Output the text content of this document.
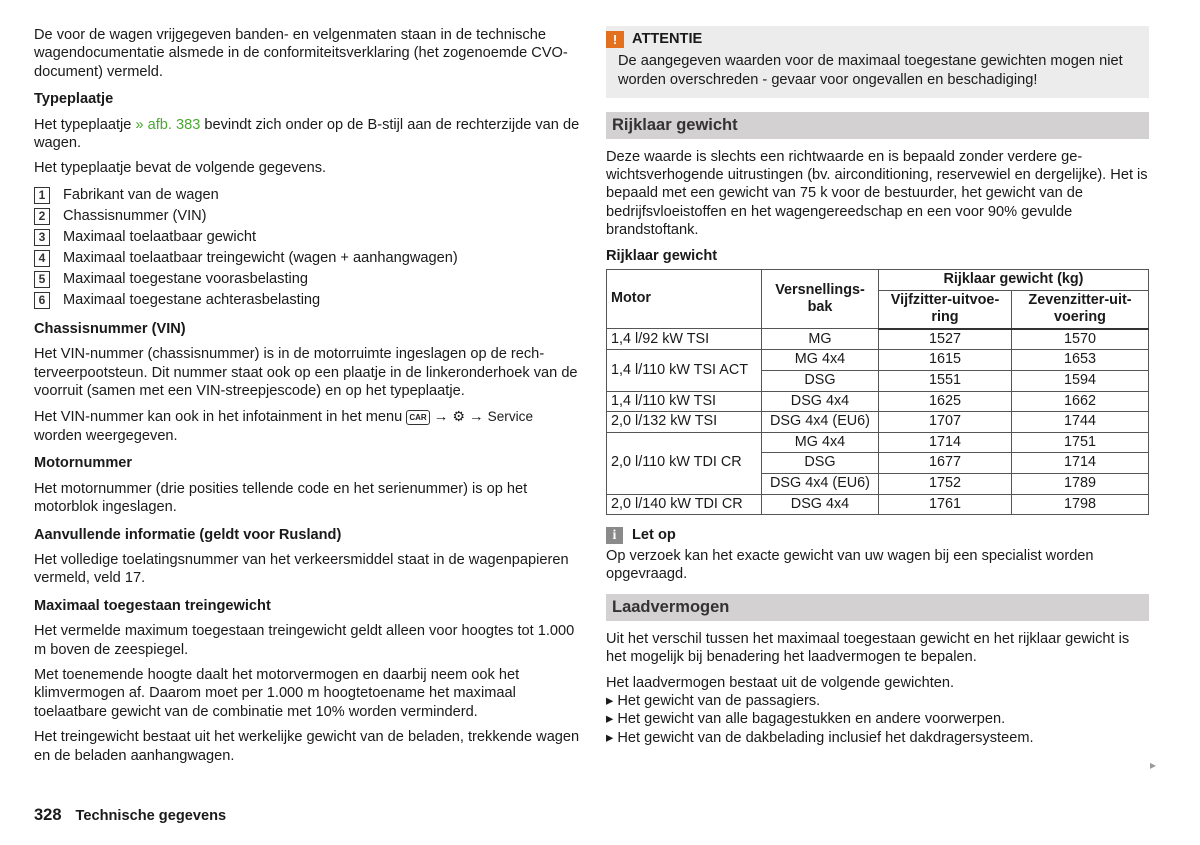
De voor de wagen vrijgegeven banden- en velgenmaten staan in de technische wagendocumentatie alsmede in de conformiteitsverklaring (het zogenoemde CVO-document) vermeld.

Typeplaatje

Het typeplaatje » afb. 383 bevindt zich onder op de B-stijl aan de rechterzijde van de wagen.

Het typeplaatje bevat de volgende gegevens.

1	Fabrikant van de wagen
2	Chassisnummer (VIN)
3	Maximaal toelaatbaar gewicht
4	Maximaal toelaatbaar treingewicht (wagen + aanhangwagen)
5	Maximaal toegestane voorasbelasting
6	Maximaal toegestane achterasbelasting

Chassisnummer (VIN)

Het VIN-nummer (chassisnummer) is in de motorruimte ingeslagen op de rechterveerpootsteun. Dit nummer staat ook op een plaatje in de linkeronderhoek van de voorruit (samen met een VIN-streepjescode) en op het typeplaatje.

Het VIN-nummer kan ook in het infotainment in het menu CAR → ⚙ → Service
worden weergegeven.

Motornummer

Het motornummer (drie posities tellende code en het serienummer) is op het motorblok ingeslagen.

Aanvullende informatie (geldt voor Rusland)

Het volledige toelatingsnummer van het verkeersmiddel staat in de wagenpapieren vermeld, veld 17.

Maximaal toegestaan treingewicht

Het vermelde maximum toegestaan treingewicht geldt alleen voor hoogtes tot 1.000 m boven de zeespiegel.

Met toenemende hoogte daalt het motorvermogen en daarbij neem ook het klimvermogen af. Daarom moet per 1.000 m hoogtetoename het maximaal toelaatbare gewicht van de combinatie met 10% worden verminderd.

Het treingewicht bestaat uit het werkelijke gewicht van de beladen, trekkende wagen en de beladen aanhangwagen.

!	ATTENTIE
De aangegeven waarden voor de maximaal toegestane gewichten mogen niet worden overschreden - gevaar voor ongevallen en beschadiging!
Rijklaar gewicht

Deze waarde is slechts een richtwaarde en is bepaald zonder verdere gewichtsverhogende uitrustingen (bv. airconditioning, reservewiel en dergelijke). Het is bepaald met een gewicht van 75 k voor de bestuurder, het gewicht van de bedrijfsvloeistoffen en het wagengereedschap en een voor 90% gevulde brandstoftank.

Rijklaar gewicht
Motor	Versnellingsbak	Rijklaar gewicht (kg)	
		Vijfzitter-uitvoering	Zevenzitter-uitvoering
1,4 l/92 kW TSI	MG	1527	1570
1,4 l/110 kW TSI ACT	MG 4x4	1615	1653
	DSG	1551	1594
1,4 l/110 kW TSI	DSG 4x4	1625	1662
2,0 l/132 kW TSI	DSG 4x4 (EU6)	1707	1744
2,0 l/110 kW TDI CR	MG 4x4	1714	1751
	DSG	1677	1714
	DSG 4x4 (EU6)	1752	1789
2,0 l/140 kW TDI CR	DSG 4x4	1761	1798
i	Let op

Op verzoek kan het exacte gewicht van uw wagen bij een specialist worden opgevraagd.

Laadvermogen

Uit het verschil tussen het maximaal toegestaan gewicht en het rijklaar gewicht is het mogelijk bij benadering het laadvermogen te bepalen.

Het laadvermogen bestaat uit de volgende gewichten.

▸ Het gewicht van de passagiers.
▸ Het gewicht van alle bagagestukken en andere voorwerpen.
▸ Het gewicht van de dakbelading inclusief het dakdragersysteem.
▸
328 Technische gegevens
